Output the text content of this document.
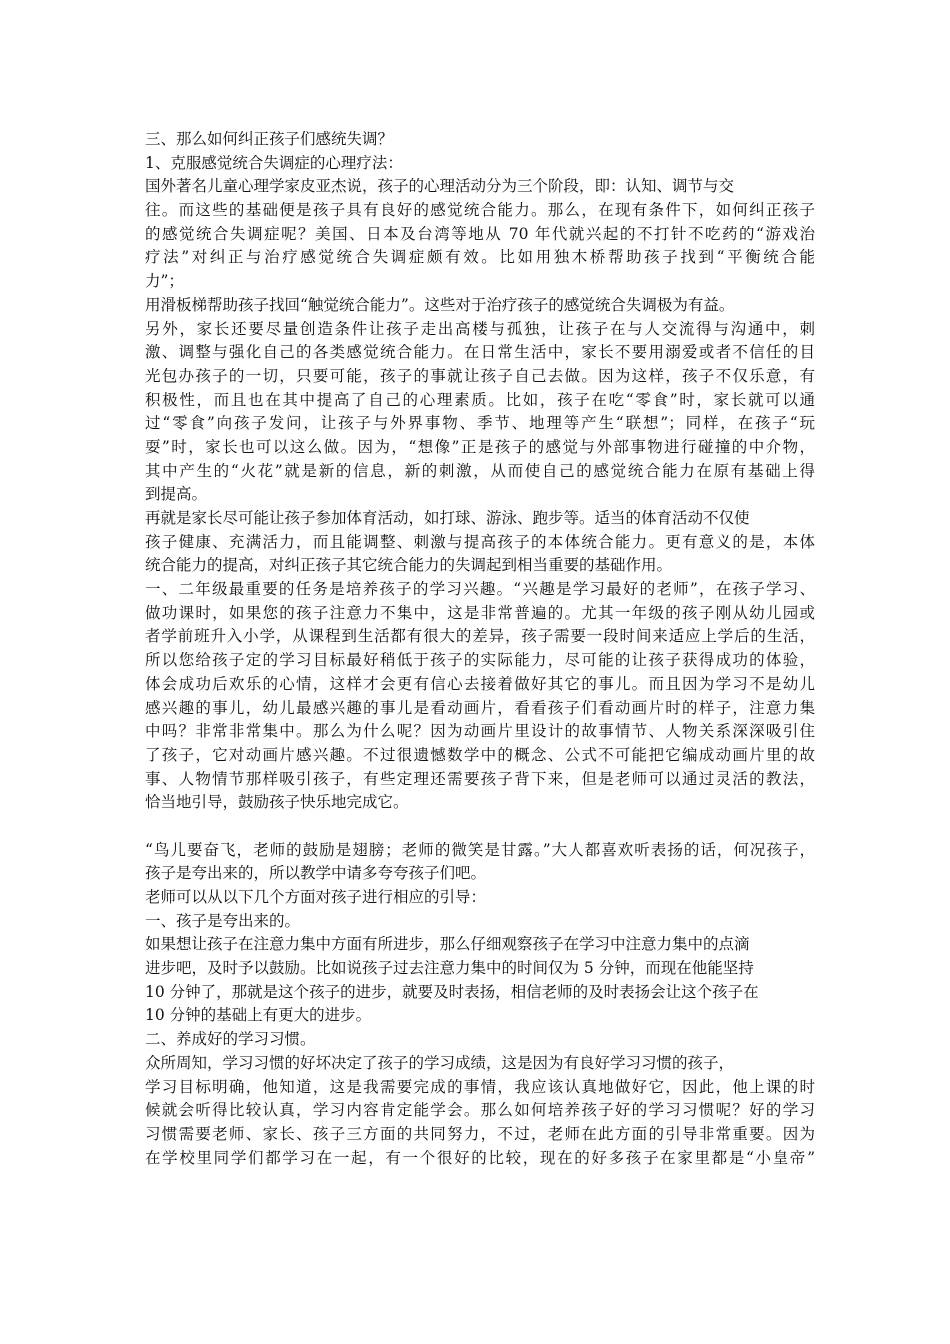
三、那么如何纠正孩子们感统失调？
1、克服感觉统合失调症的心理疗法：
国外著名儿童心理学家皮亚杰说，孩子的心理活动分为三个阶段，即：认知、调节与交
往。而这些的基础便是孩子具有良好的感觉统合能力。那么，在现有条件下，如何纠正孩子
的感觉统合失调症呢？美国、日本及台湾等地从 70 年代就兴起的不打针不吃药的“游戏治
疗法”对纠正与治疗感觉统合失调症颇有效。比如用独木桥帮助孩子找到“平衡统合能
力”；
用滑板梯帮助孩子找回“触觉统合能力”。这些对于治疗孩子的感觉统合失调极为有益。
另外，家长还要尽量创造条件让孩子走出高楼与孤独，让孩子在与人交流得与沟通中，刺
激、调整与强化自己的各类感觉统合能力。在日常生活中，家长不要用溺爱或者不信任的目
光包办孩子的一切，只要可能，孩子的事就让孩子自己去做。因为这样，孩子不仅乐意，有
积极性，而且也在其中提高了自己的心理素质。比如，孩子在吃“零食”时，家长就可以通
过“零食”向孩子发问，让孩子与外界事物、季节、地理等产生“联想”；同样，在孩子“玩
耍”时，家长也可以这么做。因为，“想像”正是孩子的感觉与外部事物进行碰撞的中介物，
其中产生的“火花”就是新的信息，新的刺激，从而使自己的感觉统合能力在原有基础上得
到提高。
再就是家长尽可能让孩子参加体育活动，如打球、游泳、跑步等。适当的体育活动不仅使
孩子健康、充满活力，而且能调整、刺激与提高孩子的本体统合能力。更有意义的是，本体
统合能力的提高，对纠正孩子其它统合能力的失调起到相当重要的基础作用。
一、二年级最重要的任务是培养孩子的学习兴趣。“兴趣是学习最好的老师”，在孩子学习、
做功课时，如果您的孩子注意力不集中，这是非常普遍的。尤其一年级的孩子刚从幼儿园或
者学前班升入小学，从课程到生活都有很大的差异，孩子需要一段时间来适应上学后的生活，
所以您给孩子定的学习目标最好稍低于孩子的实际能力，尽可能的让孩子获得成功的体验，
体会成功后欢乐的心情，这样才会更有信心去接着做好其它的事儿。而且因为学习不是幼儿
感兴趣的事儿，幼儿最感兴趣的事儿是看动画片，看看孩子们看动画片时的样子，注意力集
中吗？非常非常集中。那么为什么呢？因为动画片里设计的故事情节、人物关系深深吸引住
了孩子，它对动画片感兴趣。不过很遗憾数学中的概念、公式不可能把它编成动画片里的故
事、人物情节那样吸引孩子，有些定理还需要孩子背下来，但是老师可以通过灵活的教法，
恰当地引导，鼓励孩子快乐地完成它。
“鸟儿要奋飞，老师的鼓励是翅膀；老师的微笑是甘露。”大人都喜欢听表扬的话，何况孩子，
孩子是夸出来的，所以教学中请多夸夸孩子们吧。
老师可以从以下几个方面对孩子进行相应的引导：
一、孩子是夸出来的。
如果想让孩子在注意力集中方面有所进步，那么仔细观察孩子在学习中注意力集中的点滴
进步吧，及时予以鼓励。比如说孩子过去注意力集中的时间仅为 5 分钟，而现在他能坚持
10 分钟了，那就是这个孩子的进步，就要及时表扬，相信老师的及时表扬会让这个孩子在
10 分钟的基础上有更大的进步。
二、养成好的学习习惯。
众所周知，学习习惯的好坏决定了孩子的学习成绩，这是因为有良好学习习惯的孩子，
学习目标明确，他知道，这是我需要完成的事情，我应该认真地做好它，因此，他上课的时
候就会听得比较认真，学习内容肯定能学会。那么如何培养孩子好的学习习惯呢？好的学习
习惯需要老师、家长、孩子三方面的共同努力，不过，老师在此方面的引导非常重要。因为
在学校里同学们都学习在一起，有一个很好的比较，现在的好多孩子在家里都是“小皇帝”
